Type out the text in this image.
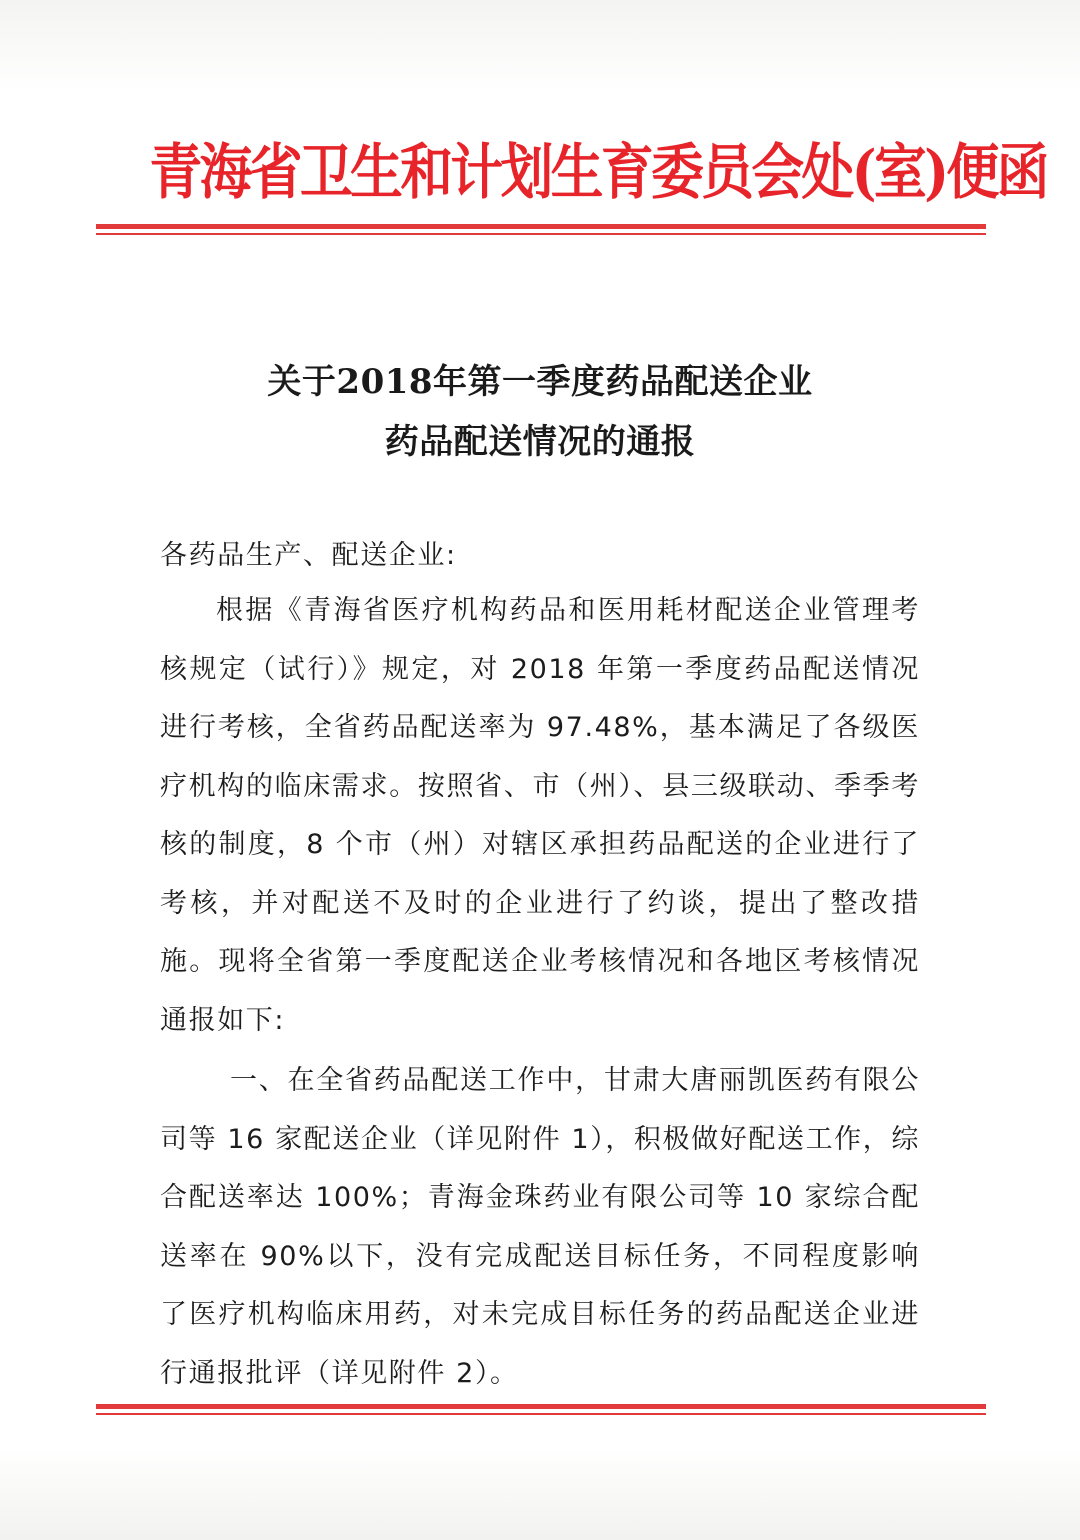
青海省卫生和计划生育委员会处(室)便函
关于2018年第一季度药品配送企业
药品配送情况的通报
各药品生产、配送企业:
根据《青海省医疗机构药品和医用耗材配送企业管理考核规定（试行）》规定，对 2018 年第一季度药品配送情况进行考核，全省药品配送率为 97.48%，基本满足了各级医疗机构的临床需求。按照省、市（州）、县三级联动、季季考核的制度，8 个市（州）对辖区承担药品配送的企业进行了考核，并对配送不及时的企业进行了约谈，提出了整改措施。现将全省第一季度配送企业考核情况和各地区考核情况通报如下:
一、在全省药品配送工作中，甘肃大唐丽凯医药有限公司等 16 家配送企业（详见附件 1），积极做好配送工作，综合配送率达 100%；青海金珠药业有限公司等 10 家综合配送率在 90%以下，没有完成配送目标任务，不同程度影响了医疗机构临床用药，对未完成目标任务的药品配送企业进行通报批评（详见附件 2）。
